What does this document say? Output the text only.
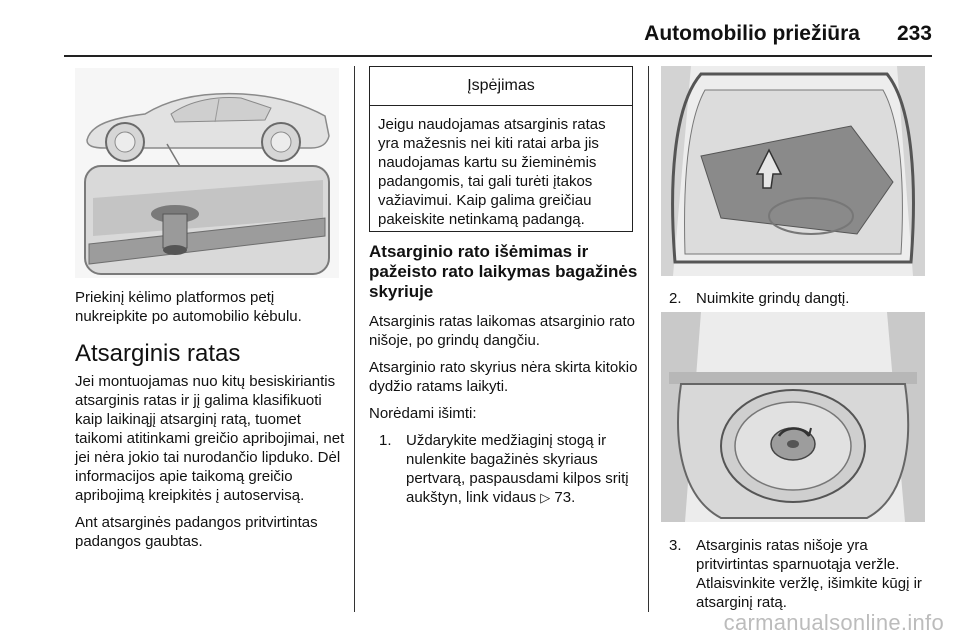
Automobilio priežiūra	233

Priekinį kėlimo platformos petį nukreipkite po automobilio kėbulu.

Atsarginis ratas

Jei montuojamas nuo kitų besiskiriantis atsarginis ratas ir jį galima klasifikuoti kaip laikinąjį atsarginį ratą, tuomet taikomi atitinkami greičio apribojimai, net jei nėra jokio tai nurodančio lipduko. Dėl informacijos apie taikomą greičio apribojimą kreipkitės į autoservisą.

Ant atsarginės padangos pritvirtintas padangos gaubtas.

Įspėjimas
Jeigu naudojamas atsarginis ratas yra mažesnis nei kiti ratai arba jis naudojamas kartu su žieminėmis padangomis, tai gali turėti įtakos važiavimui. Kaip galima greičiau pakeiskite netinkamą padangą.
Atsarginio rato išėmimas ir pažeisto rato laikymas bagažinės skyriuje

Atsarginis ratas laikomas atsarginio rato nišoje, po grindų dangčiu.

Atsarginio rato skyrius nėra skirta kitokio dydžio ratams laikyti.

Norėdami išimti:

1. Uždarykite medžiaginį stogą ir nulenkite bagažinės skyriaus pertvarą, paspausdami kilpos sritį aukštyn, link vidaus ▷ 73.
2. Nuimkite grindų dangtį.
3. Atsarginis ratas nišoje yra pritvirtintas sparnuotąja veržle. Atlaisvinkite veržlę, išimkite kūgį ir atsarginį ratą.
carmanualsonline.info
